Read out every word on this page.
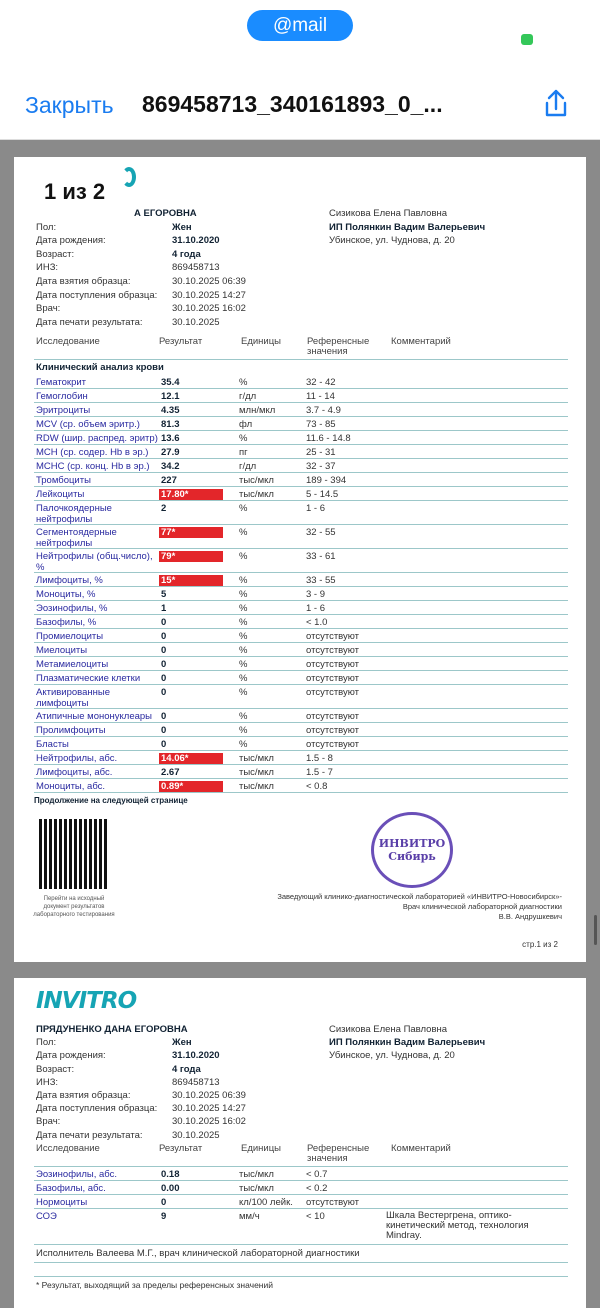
@mail
Закрыть 869458713_340161893_0_...
1 из 2
А ЕГОРОВНА
Пол:	Жен
Дата рождения:	31.10.2020
Возраст:	4 года
ИНЗ:	869458713
Дата взятия образца:	30.10.2025 06:39
Дата поступления образца: 30.10.2025 14:27
Врач:	30.10.2025 16:02
Дата печати результата:	30.10.2025
Сизикова Елена Павловна
ИП Полянкин Вадим Валерьевич
Убинское, ул. Чуднова, д. 20
Исследование	Результат	Единицы	Референсные значения
Комментарий
Клинический анализ крови
Гематокрит	35.4	%	32 - 42
Гемоглобин	12.1	г/дл	11 - 14
Эритроциты	4.35	млн/мкл	3.7 - 4.9
MCV (ср. объем эритр.) 81.3	фл	73 - 85
RDW (шир. распред. эритр) 13.6	%	11.6 - 14.8
MCH (ср. содер. Hb в эр.) 27.9	пг	25 - 31
MCHC (ср. конц. Hb в эр.) 34.2	г/дл	32 - 37
Тромбоциты	227	тыс/мкл	189 - 394
Лейкоциты	17.80*	тыс/мкл	5 - 14.5
Палочкоядерные нейтрофилы
2	%	1 - 6
Сегментоядерные нейтрофилы
77*	%	32 - 55
Нейтрофилы (общ.число), %
79*	%	33 - 61
Лимфоциты, %	15*	%	33 - 55
Моноциты, %	5	%	3 - 9
Эозинофилы, %	1	%	1 - 6
Базофилы, %	0	%	< 1.0
Промиелоциты	0	%	отсутствуют
Миелоциты	0	%	отсутствуют
Метамиелоциты	0	%	отсутствуют
Плазматические клетки 0	%	отсутствуют
Активированные лимфоциты
0	%	отсутствуют
Атипичные мононуклеары 0	%	отсутствуют
Пролимфоциты	0	%	отсутствуют
Бласты	0	%	отсутствуют
Нейтрофилы, абс.	14.06*	тыс/мкл	1.5 - 8
Лимфоциты, абс.	2.67	тыс/мкл	1.5 - 7
Моноциты, абс.	0.89*	тыс/мкл	< 0.8
Продолжение на следующей странице
Перейти на исходный документ результатов лабораторного тестирования
ИНВИТРО Сибирь
Заведующий клинико-диагностической лабораторией «ИНВИТРО-Новосибирск»-
Врач клинической лабораторной диагностики
В.В. Андрушкевич
стр.1 из 2
INVITRO
ПРЯДУНЕНКО ДАНА ЕГОРОВНА
Пол:	Жен
Дата рождения:	31.10.2020
Возраст:	4 года
ИНЗ:	869458713
Дата взятия образца:	30.10.2025 06:39
Дата поступления образца: 30.10.2025 14:27
Врач:	30.10.2025 16:02
Дата печати результата:	30.10.2025
Сизикова Елена Павловна
ИП Полянкин Вадим Валерьевич
Убинское, ул. Чуднова, д. 20
Исследование	Результат	Единицы	Референсные значения
Комментарий
Эозинофилы, абс.	0.18	тыс/мкл	< 0.7
Базофилы, абс.	0.00	тыс/мкл	< 0.2
Нормоциты	0	кл/100 лейк. отсутствуют
СОЭ	9	мм/ч	< 10	Шкала Вестергрена, оптико-кинетический метод, технология Mindray.
Исполнитель Валеева М.Г., врач клинической лабораторной диагностики
* Результат, выходящий за пределы референсных значений
